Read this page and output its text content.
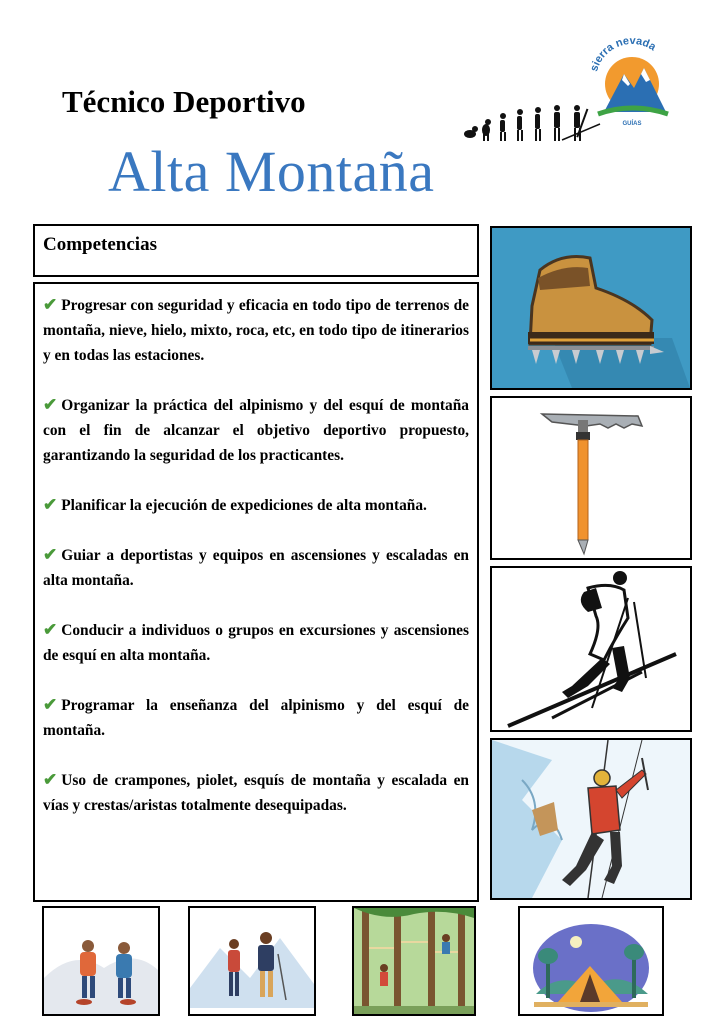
Técnico Deportivo
Alta Montaña
sierra nevada
GUÍAS
Competencias

✔ Progresar con seguridad y eficacia en todo tipo de terrenos de montaña, nieve, hielo, mixto, roca, etc, en todo tipo de itinerarios y en todas las estaciones.

✔ Organizar la práctica del alpinismo y del esquí de montaña con el fin de alcanzar el objetivo deportivo propuesto, garantizando la seguridad de los practicantes.

✔ Planificar la ejecución de expediciones de alta montaña.

✔ Guiar a deportistas y equipos en ascensiones y escaladas en alta montaña.

✔ Conducir a individuos o grupos en excursiones y ascensiones de esquí en alta montaña.

✔ Programar la enseñanza del alpinismo y del esquí de montaña.

✔ Uso de crampones, piolet, esquís de montaña y escalada en vías y crestas/aristas totalmente desequipadas.
